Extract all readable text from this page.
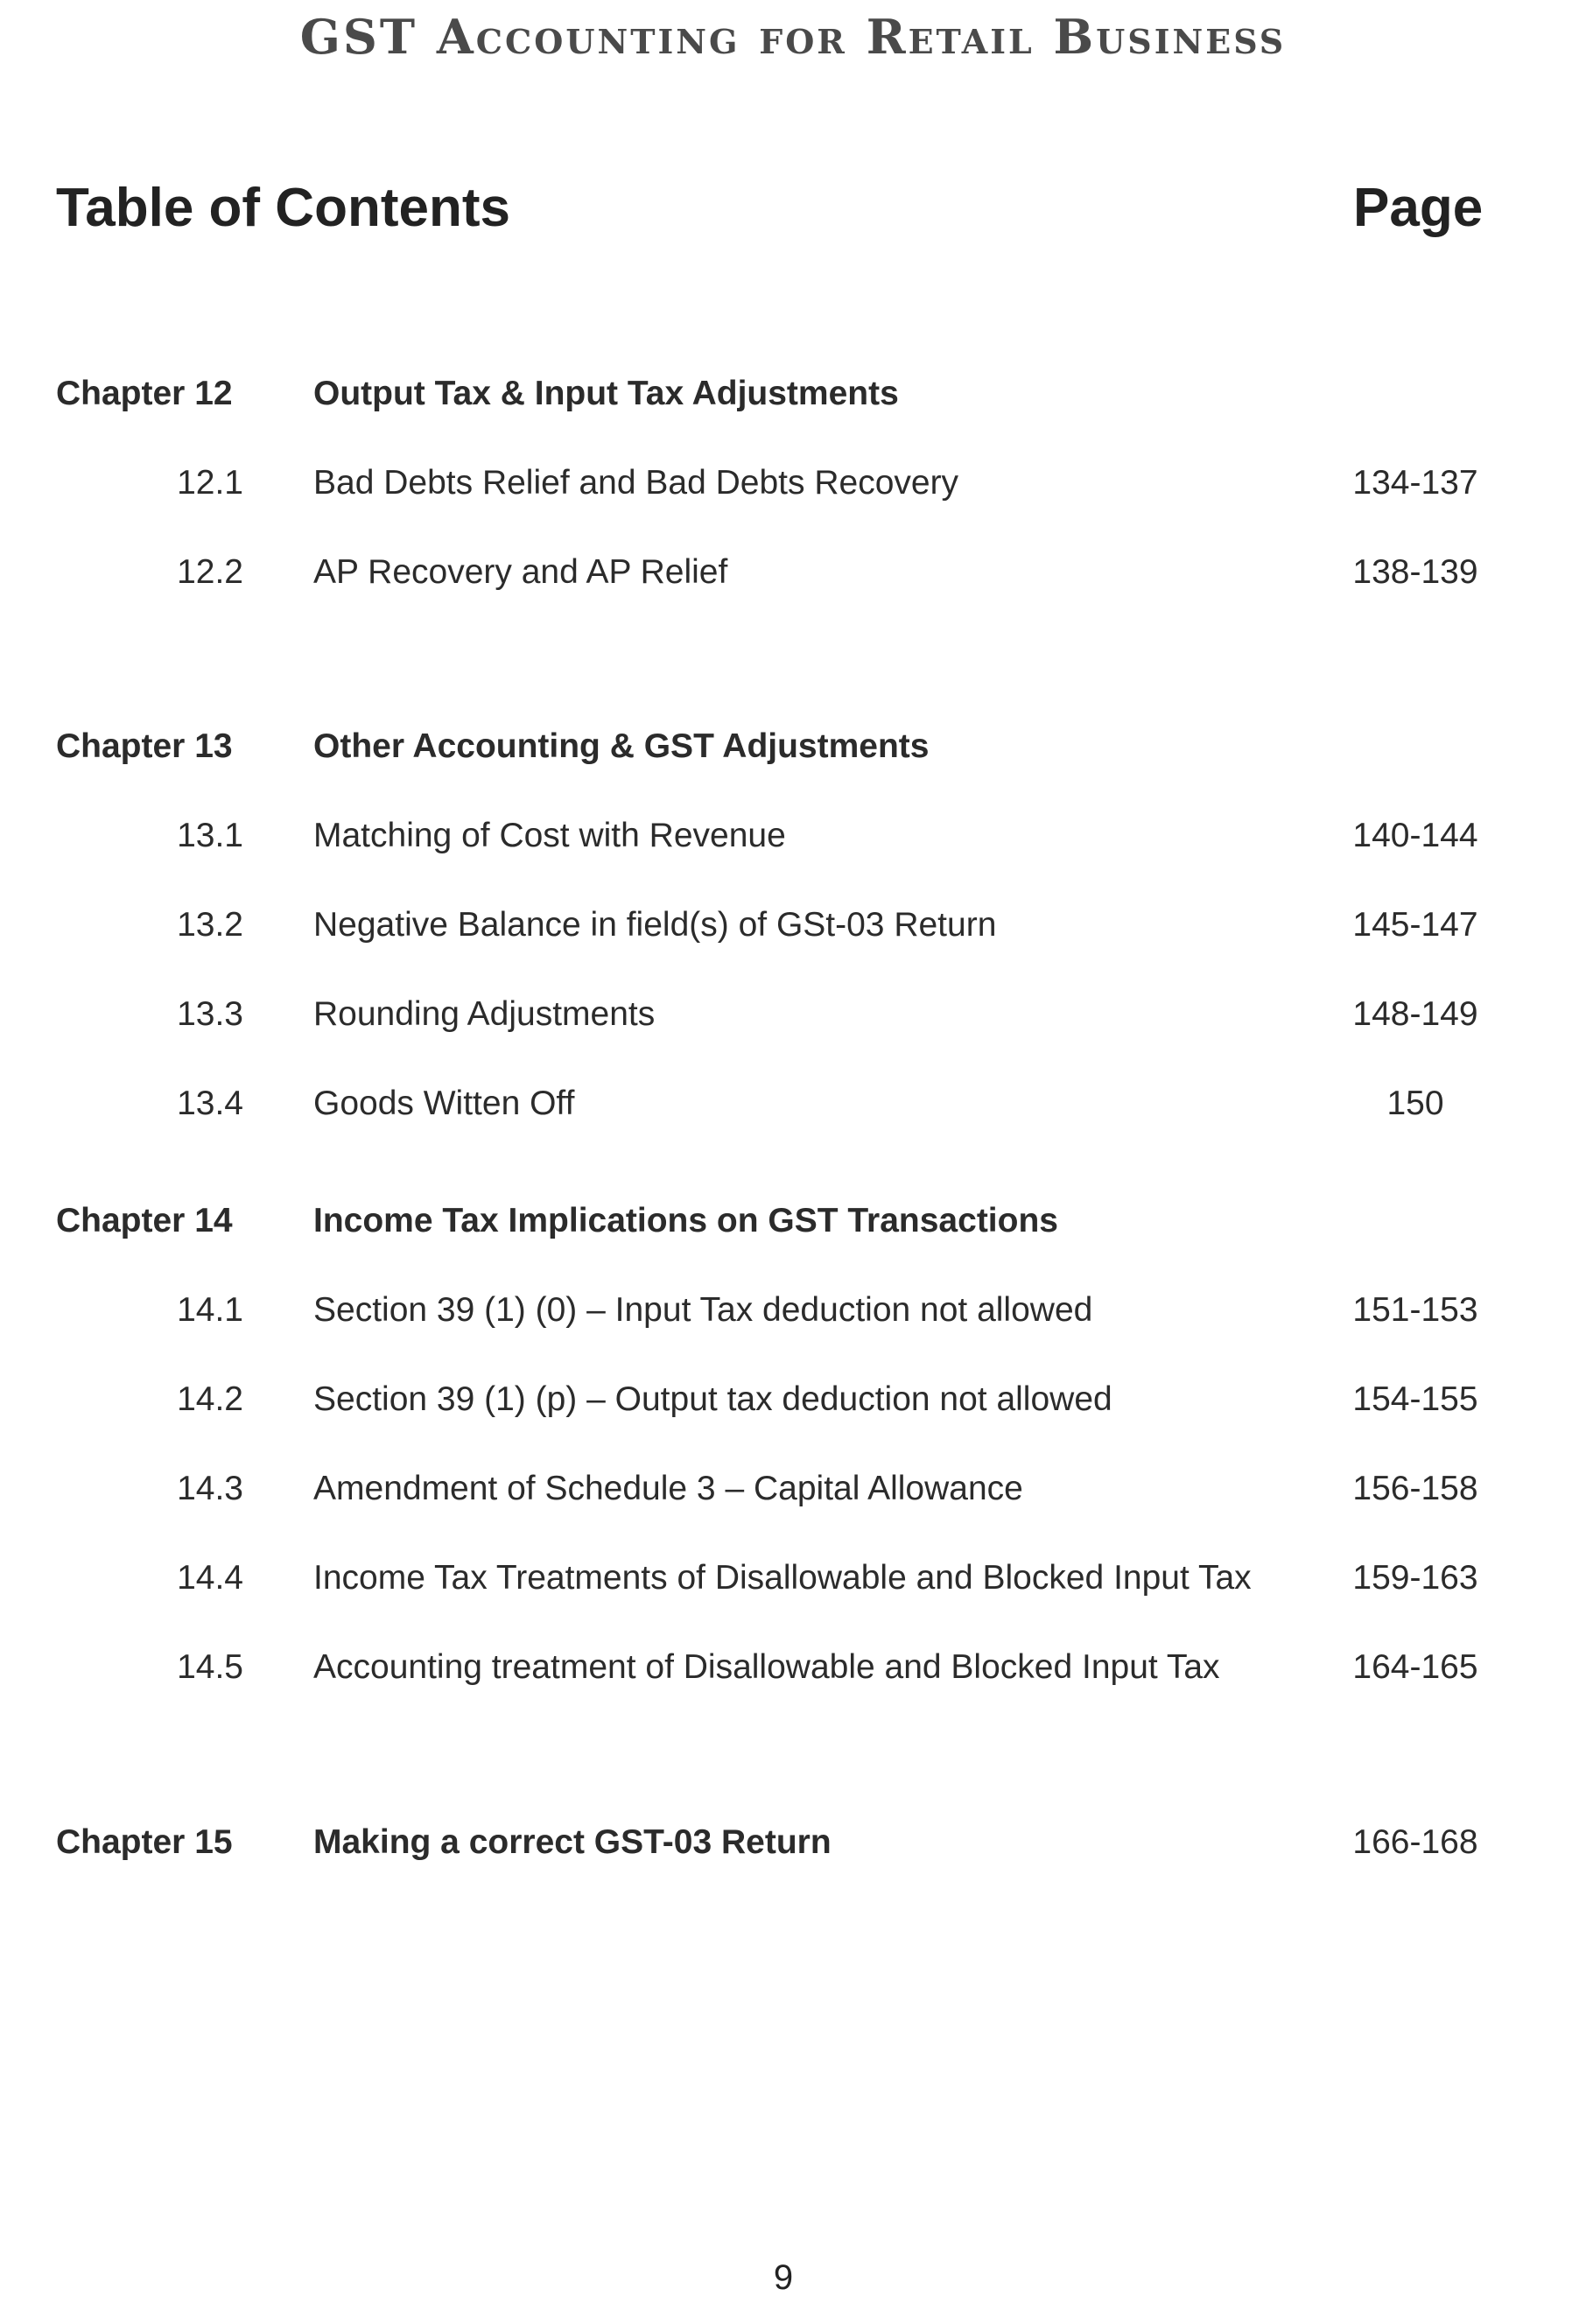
GST Accounting for Retail Business
Table of Contents	Page
Chapter 12	Output Tax & Input Tax Adjustments
12.1 Bad Debts Relief and Bad Debts Recovery	134-137
12.2 AP Recovery and AP Relief	138-139
Chapter 13	Other Accounting & GST Adjustments
13.1 Matching of Cost with Revenue	140-144
13.2 Negative Balance in field(s) of GSt-03 Return	145-147
13.3 Rounding Adjustments	148-149
13.4 Goods Witten Off	150
Chapter 14	Income Tax Implications on GST Transactions
14.1 Section 39 (1) (0) – Input Tax deduction not allowed	151-153
14.2 Section 39 (1) (p) – Output tax deduction not allowed	154-155
14.3 Amendment of Schedule 3 – Capital Allowance	156-158
14.4 Income Tax Treatments of Disallowable and Blocked Input Tax	159-163
14.5 Accounting treatment of Disallowable and Blocked Input Tax	164-165
Chapter 15	Making a correct GST-03 Return	166-168
9
